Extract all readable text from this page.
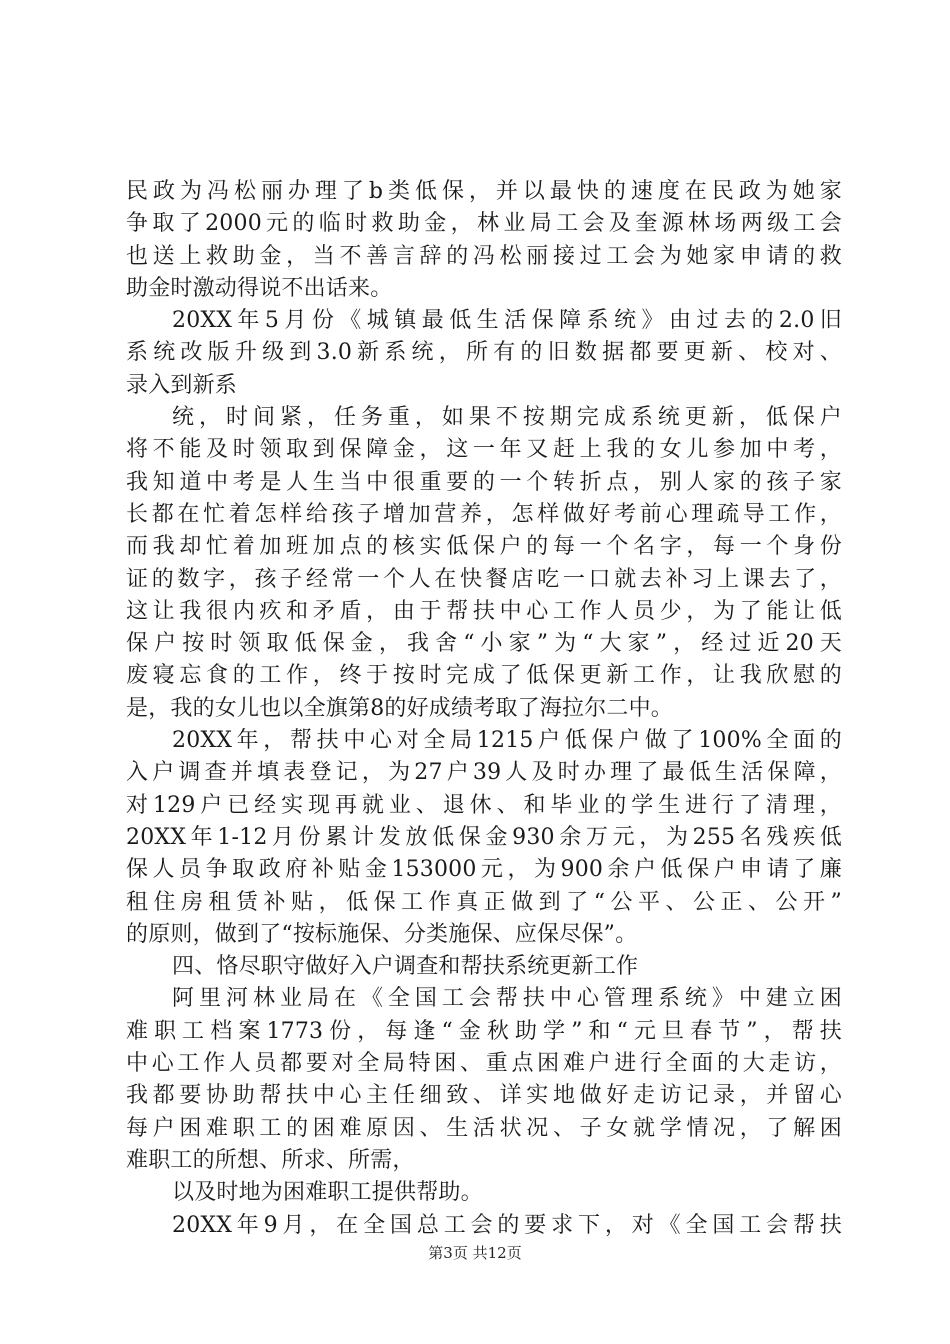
民政为冯松丽办理了b类低保，并以最快的速度在民政为她家
争取了2000元的临时救助金，林业局工会及奎源林场两级工会
也送上救助金，当不善言辞的冯松丽接过工会为她家申请的救
助金时激动得说不出话来。
20XX年5月份《城镇最低生活保障系统》由过去的2.0旧
系统改版升级到3.0新系统，所有的旧数据都要更新、校对、
录入到新系
统，时间紧，任务重，如果不按期完成系统更新，低保户
将不能及时领取到保障金，这一年又赶上我的女儿参加中考，
我知道中考是人生当中很重要的一个转折点，别人家的孩子家
长都在忙着怎样给孩子增加营养，怎样做好考前心理疏导工作，
而我却忙着加班加点的核实低保户的每一个名字，每一个身份
证的数字，孩子经常一个人在快餐店吃一口就去补习上课去了，
这让我很内疚和矛盾，由于帮扶中心工作人员少，为了能让低
保户按时领取低保金，我舍“小家”为“大家”，经过近20天
废寝忘食的工作，终于按时完成了低保更新工作，让我欣慰的
是，我的女儿也以全旗第8的好成绩考取了海拉尔二中。
20XX年，帮扶中心对全局1215户低保户做了100%全面的
入户调查并填表登记，为27户39人及时办理了最低生活保障，
对129户已经实现再就业、退休、和毕业的学生进行了清理，
20XX年1-12月份累计发放低保金930余万元，为255名残疾低
保人员争取政府补贴金153000元，为900余户低保户申请了廉
租住房租赁补贴，低保工作真正做到了“公平、公正、公开”
的原则，做到了“按标施保、分类施保、应保尽保”。
四、恪尽职守做好入户调查和帮扶系统更新工作
阿里河林业局在《全国工会帮扶中心管理系统》中建立困
难职工档案1773份，每逢“金秋助学”和“元旦春节”，帮扶
中心工作人员都要对全局特困、重点困难户进行全面的大走访，
我都要协助帮扶中心主任细致、详实地做好走访记录，并留心
每户困难职工的困难原因、生活状况、子女就学情况，了解困
难职工的所想、所求、所需，
以及时地为困难职工提供帮助。
20XX年9月，在全国总工会的要求下，对《全国工会帮扶
第3页 共12页
